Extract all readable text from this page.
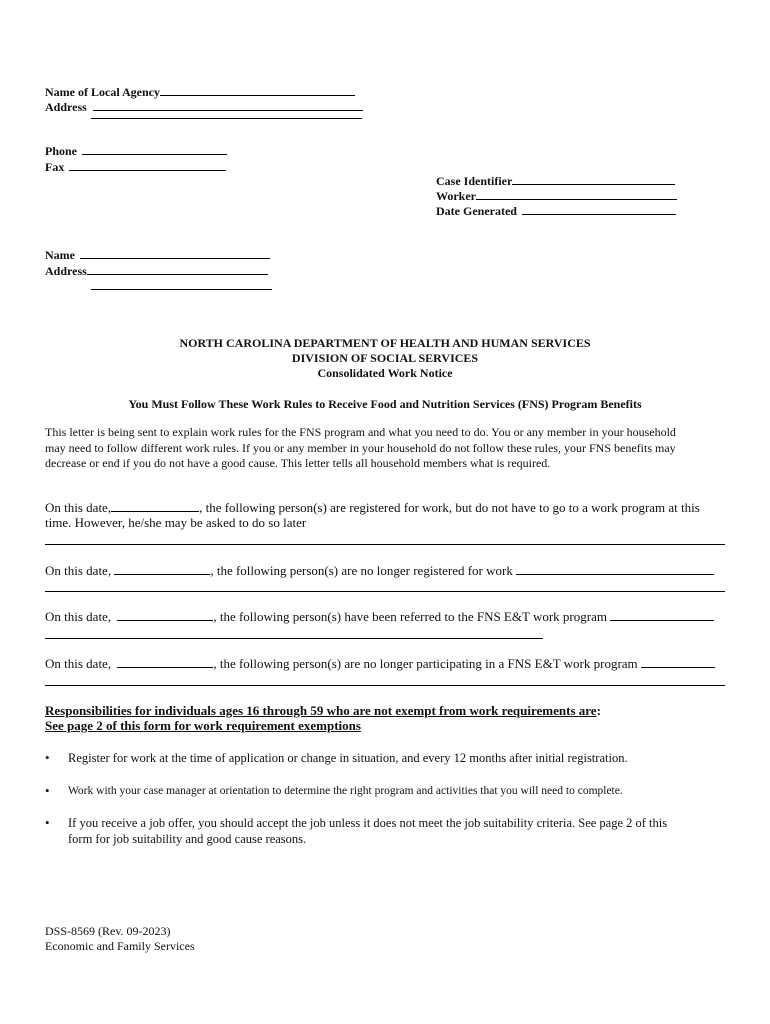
Name of Local Agency
Address
Phone
Fax
Case Identifier
Worker
Date Generated
Name
Address
NORTH CAROLINA DEPARTMENT OF HEALTH AND HUMAN SERVICES
DIVISION OF SOCIAL SERVICES
Consolidated Work Notice
You Must Follow These Work Rules to Receive Food and Nutrition Services (FNS) Program Benefits
This letter is being sent to explain work rules for the FNS program and what you need to do. You or any member in your household
may need to follow different work rules. If you or any member in your household do not follow these rules, your FNS benefits may
decrease or end if you do not have a good cause. This letter tells all household members what is required.
On this date,	, the following person(s) are registered for work, but do not have to go to a work program at this
time. However, he/she may be asked to do so later
On this date,	, the following person(s) are no longer registered for work
On this date,	, the following person(s) have been referred to the FNS E&T work program
On this date,	, the following person(s) are no longer participating in a FNS E&T work program
Responsibilities for individuals ages 16 through 59 who are not exempt from work requirements are:
See page 2 of this form for work requirement exemptions
• Register for work at the time of application or change in situation, and every 12 months after initial registration.
• Work with your case manager at orientation to determine the right program and activities that you will need to complete.
• If you receive a job offer, you should accept the job unless it does not meet the job suitability criteria. See page 2 of this
form for job suitability and good cause reasons.
DSS-8569 (Rev. 09-2023)
Economic and Family Services
